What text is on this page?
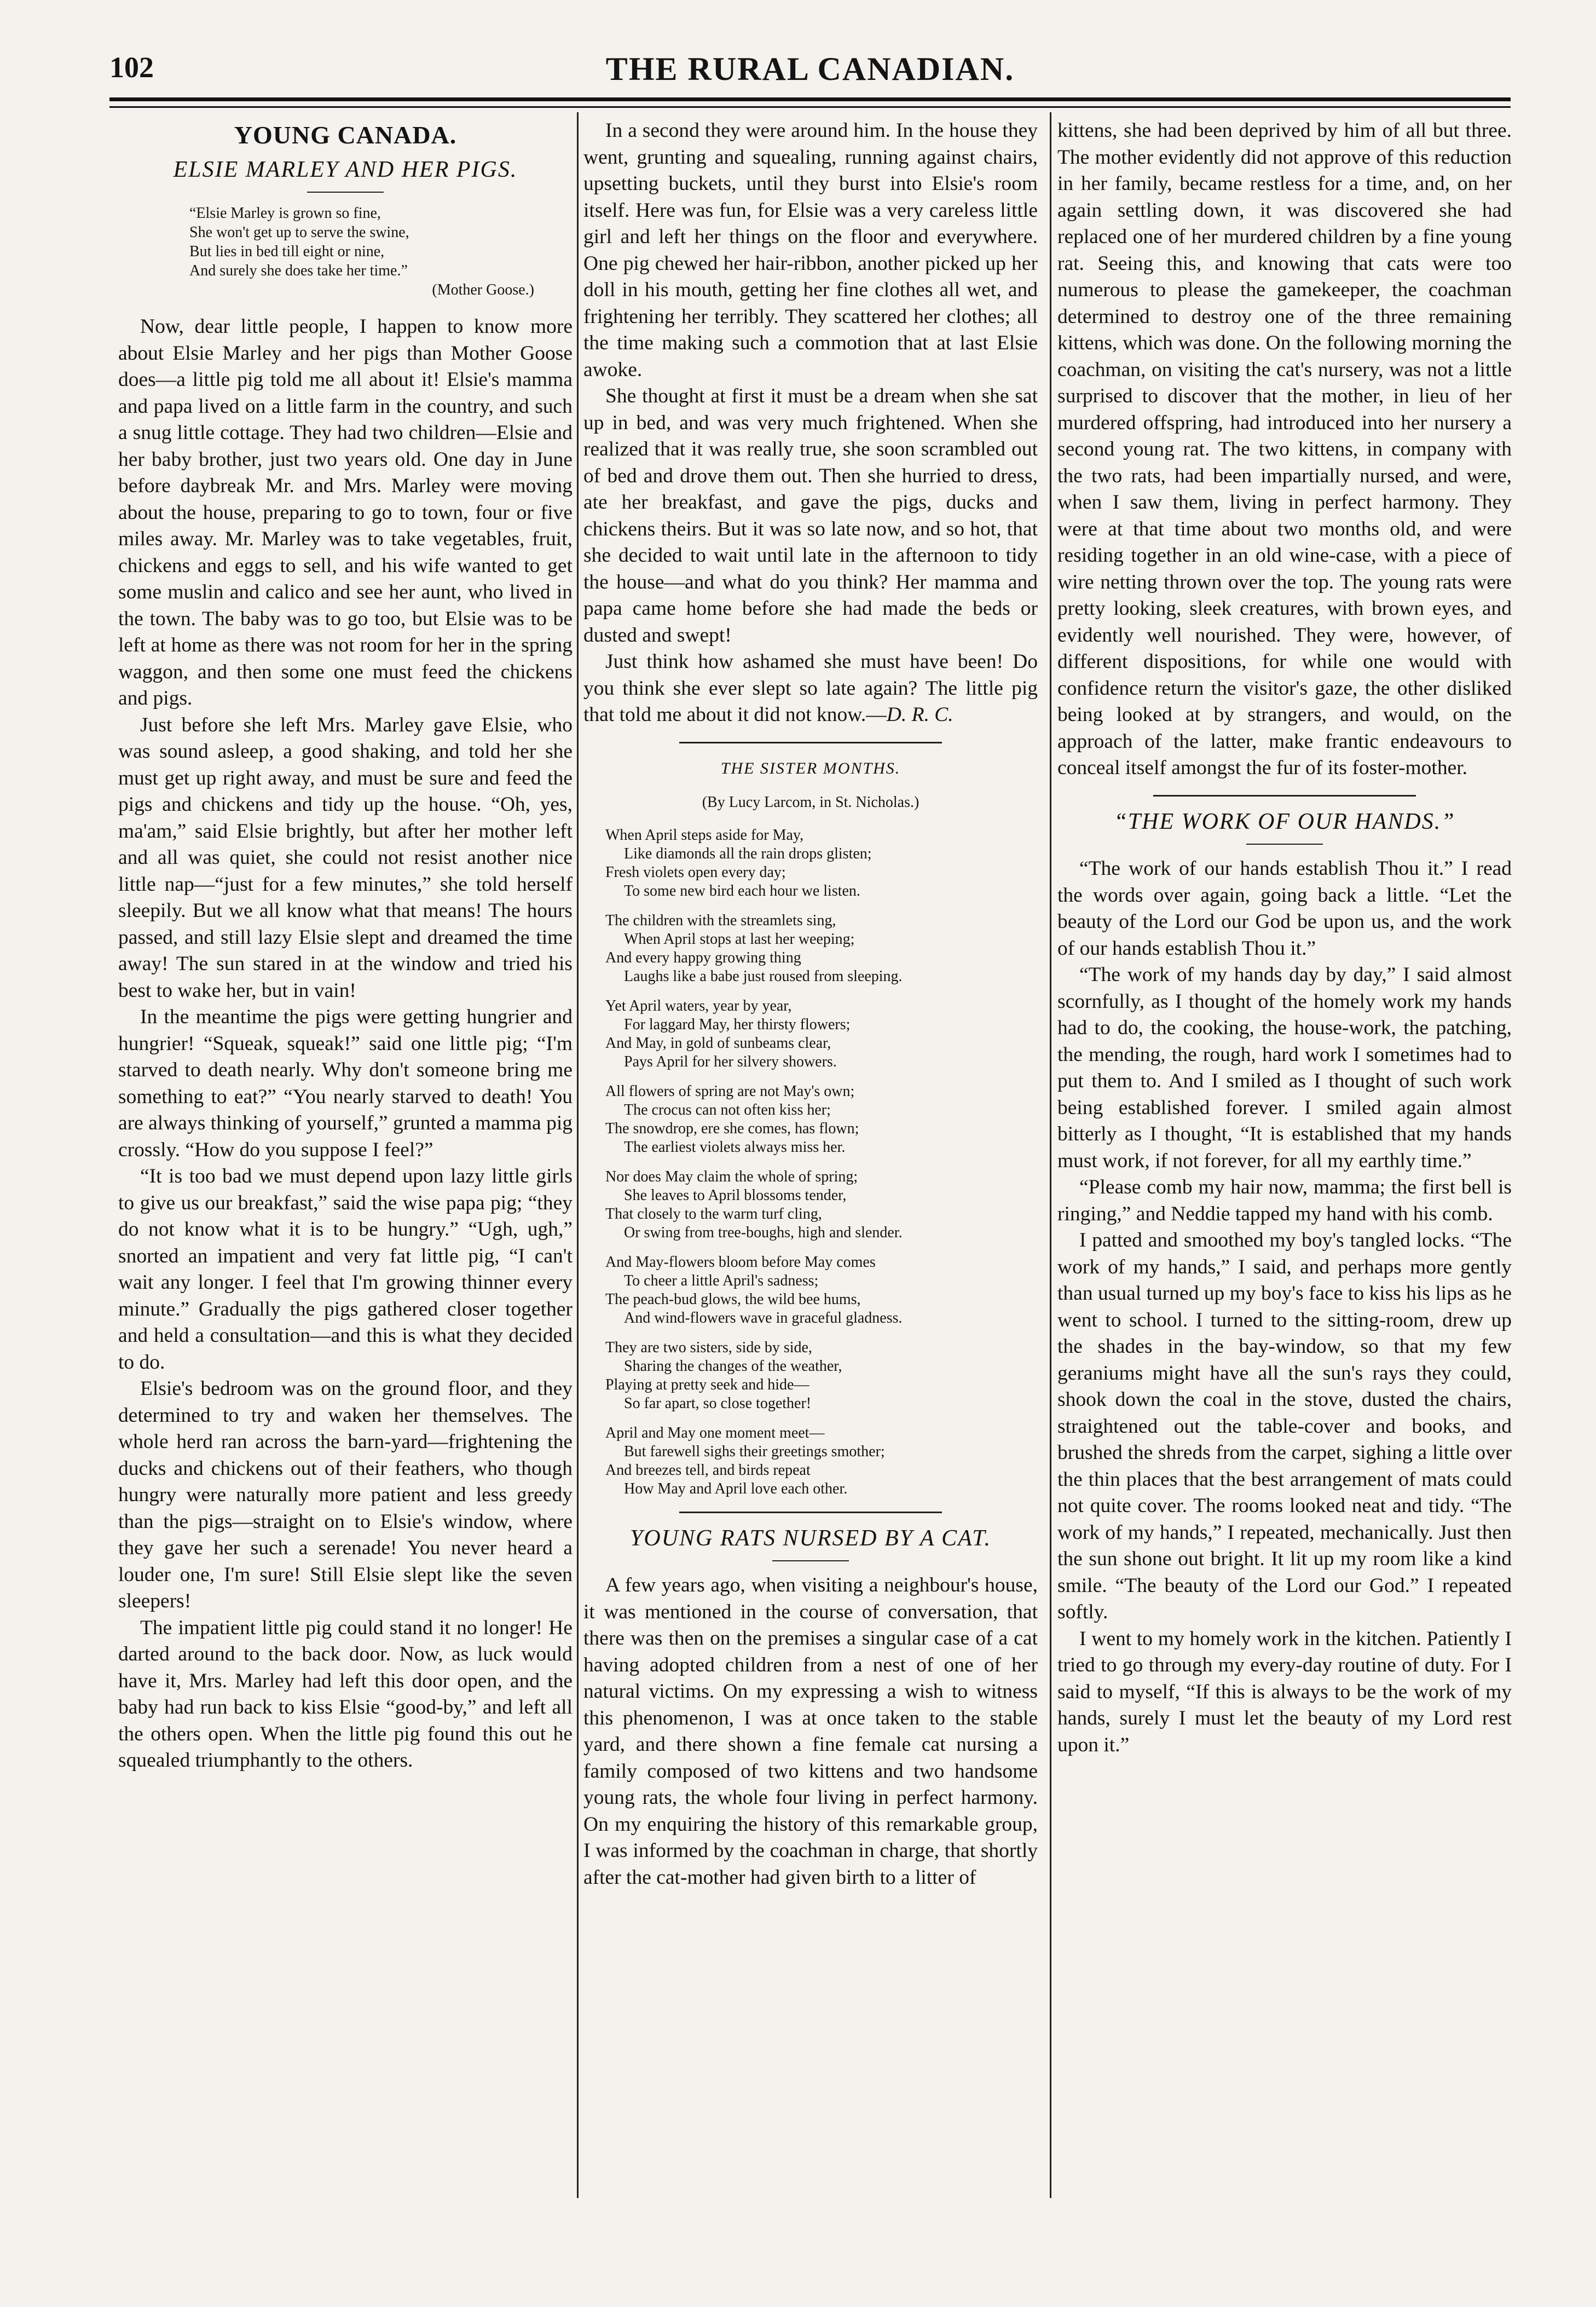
102	THE RURAL CANADIAN.
YOUNG CANADA.
ELSIE MARLEY AND HER PIGS.
“Elsie Marley is grown so fine,
She won't get up to serve the swine,
But lies in bed till eight or nine,
And surely she does take her time.”
(Mother Goose.)

Now, dear little people, I happen to know more about Elsie Marley and her pigs than Mother Goose does—a little pig told me all about it! Elsie's mamma and papa lived on a little farm in the country, and such a snug little cottage. They had two children—Elsie and her baby brother, just two years old. One day in June before daybreak Mr. and Mrs. Marley were moving about the house, preparing to go to town, four or five miles away. Mr. Marley was to take vegetables, fruit, chickens and eggs to sell, and his wife wanted to get some muslin and calico and see her aunt, who lived in the town. The baby was to go too, but Elsie was to be left at home as there was not room for her in the spring waggon, and then some one must feed the chickens and pigs.

Just before she left Mrs. Marley gave Elsie, who was sound asleep, a good shaking, and told her she must get up right away, and must be sure and feed the pigs and chickens and tidy up the house. “Oh, yes, ma'am,” said Elsie brightly, but after her mother left and all was quiet, she could not resist another nice little nap—“just for a few minutes,” she told herself sleepily. But we all know what that means! The hours passed, and still lazy Elsie slept and dreamed the time away! The sun stared in at the window and tried his best to wake her, but in vain!

In the meantime the pigs were getting hungrier and hungrier! “Squeak, squeak!” said one little pig; “I'm starved to death nearly. Why don't someone bring me something to eat?” “You nearly starved to death! You are always thinking of yourself,” grunted a mamma pig crossly. “How do you suppose I feel?”

“It is too bad we must depend upon lazy little girls to give us our breakfast,” said the wise papa pig; “they do not know what it is to be hungry.” “Ugh, ugh,” snorted an impatient and very fat little pig, “I can't wait any longer. I feel that I'm growing thinner every minute.” Gradually the pigs gathered closer together and held a consultation—and this is what they decided to do.

Elsie's bedroom was on the ground floor, and they determined to try and waken her themselves. The whole herd ran across the barn-yard—frightening the ducks and chickens out of their feathers, who though hungry were naturally more patient and less greedy than the pigs—straight on to Elsie's window, where they gave her such a serenade! You never heard a louder one, I'm sure! Still Elsie slept like the seven sleepers!

The impatient little pig could stand it no longer! He darted around to the back door. Now, as luck would have it, Mrs. Marley had left this door open, and the baby had run back to kiss Elsie “good-by,” and left all the others open. When the little pig found this out he squealed triumphantly to the others.

In a second they were around him. In the house they went, grunting and squealing, running against chairs, upsetting buckets, until they burst into Elsie's room itself. Here was fun, for Elsie was a very careless little girl and left her things on the floor and everywhere. One pig chewed her hair-ribbon, another picked up her doll in his mouth, getting her fine clothes all wet, and frightening her terribly. They scattered her clothes; all the time making such a commotion that at last Elsie awoke.

She thought at first it must be a dream when she sat up in bed, and was very much frightened. When she realized that it was really true, she soon scrambled out of bed and drove them out. Then she hurried to dress, ate her breakfast, and gave the pigs, ducks and chickens theirs. But it was so late now, and so hot, that she decided to wait until late in the afternoon to tidy the house—and what do you think? Her mamma and papa came home before she had made the beds or dusted and swept!

Just think how ashamed she must have been! Do you think she ever slept so late again? The little pig that told me about it did not know.—D. R. C.

THE SISTER MONTHS.
(By Lucy Larcom, in St. Nicholas.)
When April steps aside for May,
Like diamonds all the rain drops glisten;
Fresh violets open every day;
To some new bird each hour we listen.
The children with the streamlets sing,
When April stops at last her weeping;
And every happy growing thing
Laughs like a babe just roused from sleeping.
Yet April waters, year by year,
For laggard May, her thirsty flowers;
And May, in gold of sunbeams clear,
Pays April for her silvery showers.
All flowers of spring are not May's own;
The crocus can not often kiss her;
The snowdrop, ere she comes, has flown;
The earliest violets always miss her.
Nor does May claim the whole of spring;
She leaves to April blossoms tender,
That closely to the warm turf cling,
Or swing from tree-boughs, high and slender.
And May-flowers bloom before May comes
To cheer a little April's sadness;
The peach-bud glows, the wild bee hums,
And wind-flowers wave in graceful gladness.
They are two sisters, side by side,
Sharing the changes of the weather,
Playing at pretty seek and hide—
So far apart, so close together!
April and May one moment meet—
But farewell sighs their greetings smother;
And breezes tell, and birds repeat
How May and April love each other.
YOUNG RATS NURSED BY A CAT.

A few years ago, when visiting a neighbour's house, it was mentioned in the course of conversation, that there was then on the premises a singular case of a cat having adopted children from a nest of one of her natural victims. On my expressing a wish to witness this phenomenon, I was at once taken to the stable yard, and there shown a fine female cat nursing a family composed of two kittens and two handsome young rats, the whole four living in perfect harmony. On my enquiring the history of this remarkable group, I was informed by the coachman in charge, that shortly after the cat-mother had given birth to a litter of

kittens, she had been deprived by him of all but three. The mother evidently did not approve of this reduction in her family, became restless for a time, and, on her again settling down, it was discovered she had replaced one of her murdered children by a fine young rat. Seeing this, and knowing that cats were too numerous to please the gamekeeper, the coachman determined to destroy one of the three remaining kittens, which was done. On the following morning the coachman, on visiting the cat's nursery, was not a little surprised to discover that the mother, in lieu of her murdered offspring, had introduced into her nursery a second young rat. The two kittens, in company with the two rats, had been impartially nursed, and were, when I saw them, living in perfect harmony. They were at that time about two months old, and were residing together in an old wine-case, with a piece of wire netting thrown over the top. The young rats were pretty looking, sleek creatures, with brown eyes, and evidently well nourished. They were, however, of different dispositions, for while one would with confidence return the visitor's gaze, the other disliked being looked at by strangers, and would, on the approach of the latter, make frantic endeavours to conceal itself amongst the fur of its foster-mother.

“THE WORK OF OUR HANDS.”

“The work of our hands establish Thou it.” I read the words over again, going back a little. “Let the beauty of the Lord our God be upon us, and the work of our hands establish Thou it.”

“The work of my hands day by day,” I said almost scornfully, as I thought of the homely work my hands had to do, the cooking, the house-work, the patching, the mending, the rough, hard work I sometimes had to put them to. And I smiled as I thought of such work being established forever. I smiled again almost bitterly as I thought, “It is established that my hands must work, if not forever, for all my earthly time.”

“Please comb my hair now, mamma; the first bell is ringing,” and Neddie tapped my hand with his comb.

I patted and smoothed my boy's tangled locks. “The work of my hands,” I said, and perhaps more gently than usual turned up my boy's face to kiss his lips as he went to school. I turned to the sitting-room, drew up the shades in the bay-window, so that my few geraniums might have all the sun's rays they could, shook down the coal in the stove, dusted the chairs, straightened out the table-cover and books, and brushed the shreds from the carpet, sighing a little over the thin places that the best arrangement of mats could not quite cover. The rooms looked neat and tidy. “The work of my hands,” I repeated, mechanically. Just then the sun shone out bright. It lit up my room like a kind smile. “The beauty of the Lord our God.” I repeated softly.

I went to my homely work in the kitchen. Patiently I tried to go through my every-day routine of duty. For I said to myself, “If this is always to be the work of my hands, surely I must let the beauty of my Lord rest upon it.”
